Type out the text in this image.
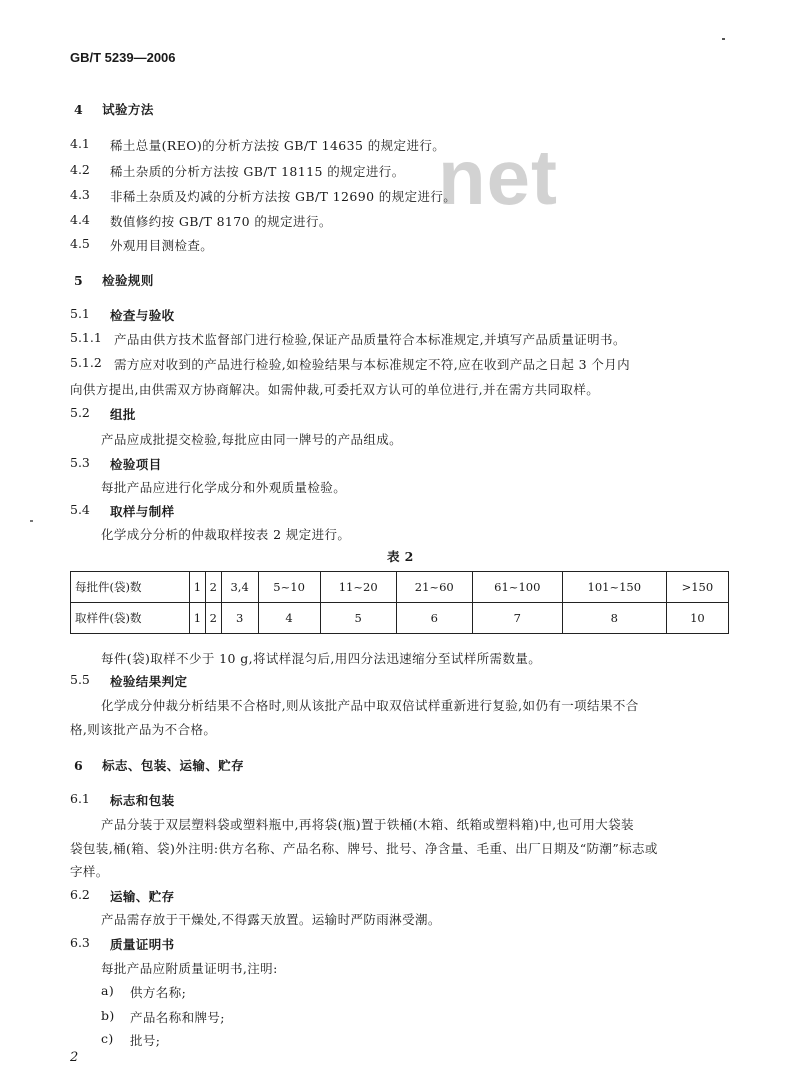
net
GB/T 5239—2006
4 试验方法
4.1 稀土总量(REO)的分析方法按 GB/T 14635 的规定进行。
4.2 稀土杂质的分析方法按 GB/T 18115 的规定进行。
4.3 非稀土杂质及灼减的分析方法按 GB/T 12690 的规定进行。
4.4 数值修约按 GB/T 8170 的规定进行。
4.5 外观用目测检查。
5 检验规则
5.1 检查与验收
5.1.1 产品由供方技术监督部门进行检验,保证产品质量符合本标准规定,并填写产品质量证明书。
5.1.2 需方应对收到的产品进行检验,如检验结果与本标准规定不符,应在收到产品之日起 3 个月内
向供方提出,由供需双方协商解决。如需仲裁,可委托双方认可的单位进行,并在需方共同取样。
5.2 组批
产品应成批提交检验,每批应由同一牌号的产品组成。
5.3 检验项目
每批产品应进行化学成分和外观质量检验。
5.4 取样与制样
化学成分分析的仲裁取样按表 2 规定进行。
表 2
每批件(袋)数	1	2	3,4	5~10	11~20	21~60	61~100	101~150	>150
取样件(袋)数	1	2	3	4	5	6	7	8	10
每件(袋)取样不少于 10 g,将试样混匀后,用四分法迅速缩分至试样所需数量。
5.5 检验结果判定
化学成分仲裁分析结果不合格时,则从该批产品中取双倍试样重新进行复验,如仍有一项结果不合
格,则该批产品为不合格。
6 标志、包装、运输、贮存
6.1 标志和包装
产品分装于双层塑料袋或塑料瓶中,再将袋(瓶)置于铁桶(木箱、纸箱或塑料箱)中,也可用大袋装
袋包装,桶(箱、袋)外注明:供方名称、产品名称、牌号、批号、净含量、毛重、出厂日期及“防潮”标志或
字样。
6.2 运输、贮存
产品需存放于干燥处,不得露天放置。运输时严防雨淋受潮。
6.3 质量证明书
每批产品应附质量证明书,注明:
a) 供方名称;
b) 产品名称和牌号;
c) 批号;
2
